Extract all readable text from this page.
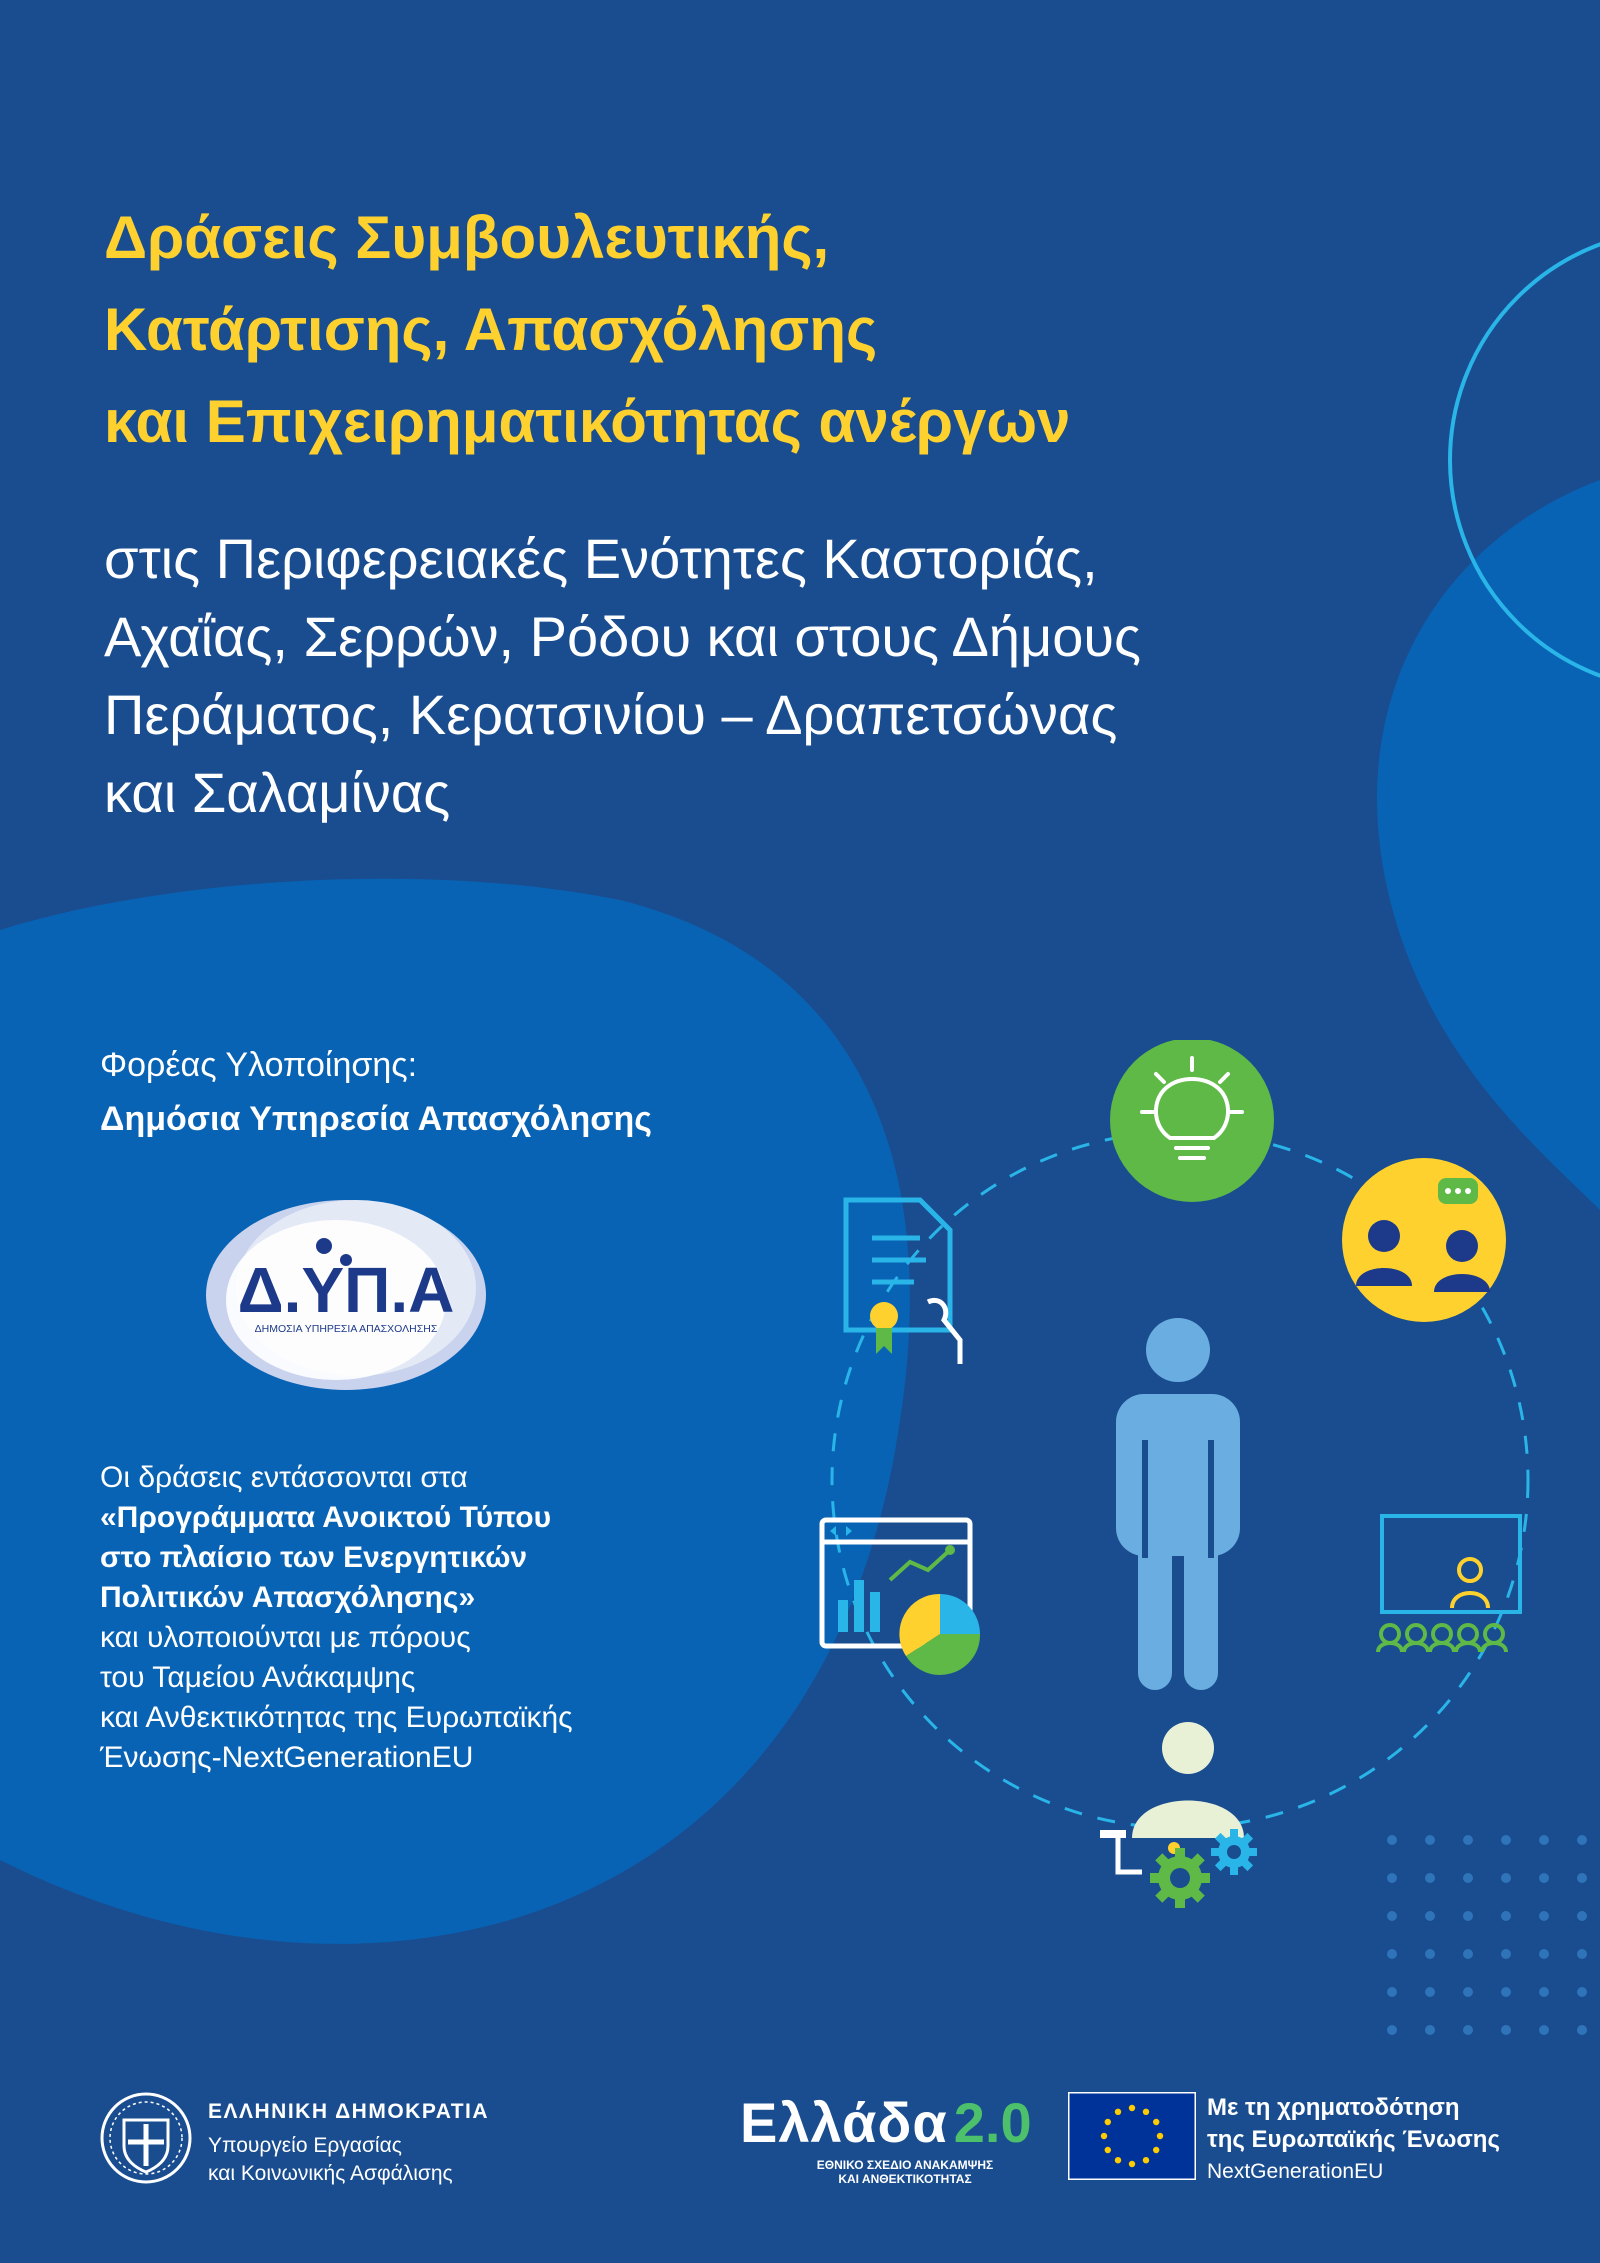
Δράσεις Συμβουλευτικής,
Κατάρτισης, Απασχόλησης
και Επιχειρηματικότητας ανέργων

στις Περιφερειακές Ενότητες Καστοριάς,
Αχαΐας, Σερρών, Ρόδου και στους Δήμους
Περάματος, Κερατσινίου – Δραπετσώνας
και Σαλαμίνας

Φορέας Υλοποίησης:
Δημόσια Υπηρεσία Απασχόλησης
Δ.ΥΠ.Α
ΔΗΜΟΣΙΑ ΥΠΗΡΕΣΙΑ ΑΠΑΣΧΟΛΗΣΗΣ
Οι δράσεις εντάσσονται στα
«Προγράμματα Ανοικτού Τύπου
στο πλαίσιο των Ενεργητικών
Πολιτικών Απασχόλησης»
και υλοποιούνται με πόρους
του Ταμείου Ανάκαμψης
και Ανθεκτικότητας της Ευρωπαϊκής
Ένωσης-NextGenerationEU
ΕΛΛΗΝΙΚΗ ΔΗΜΟΚΡΑΤΙΑ
Υπουργείο Εργασίας
και Κοινωνικής Ασφάλισης
Ελλάδα 2.0
ΕΘΝΙΚΟ ΣΧΕΔΙΟ ΑΝΑΚΑΜΨΗΣ
ΚΑΙ ΑΝΘΕΚΤΙΚΟΤΗΤΑΣ
Με τη χρηματοδότηση
της Ευρωπαϊκής Ένωσης
NextGenerationEU
